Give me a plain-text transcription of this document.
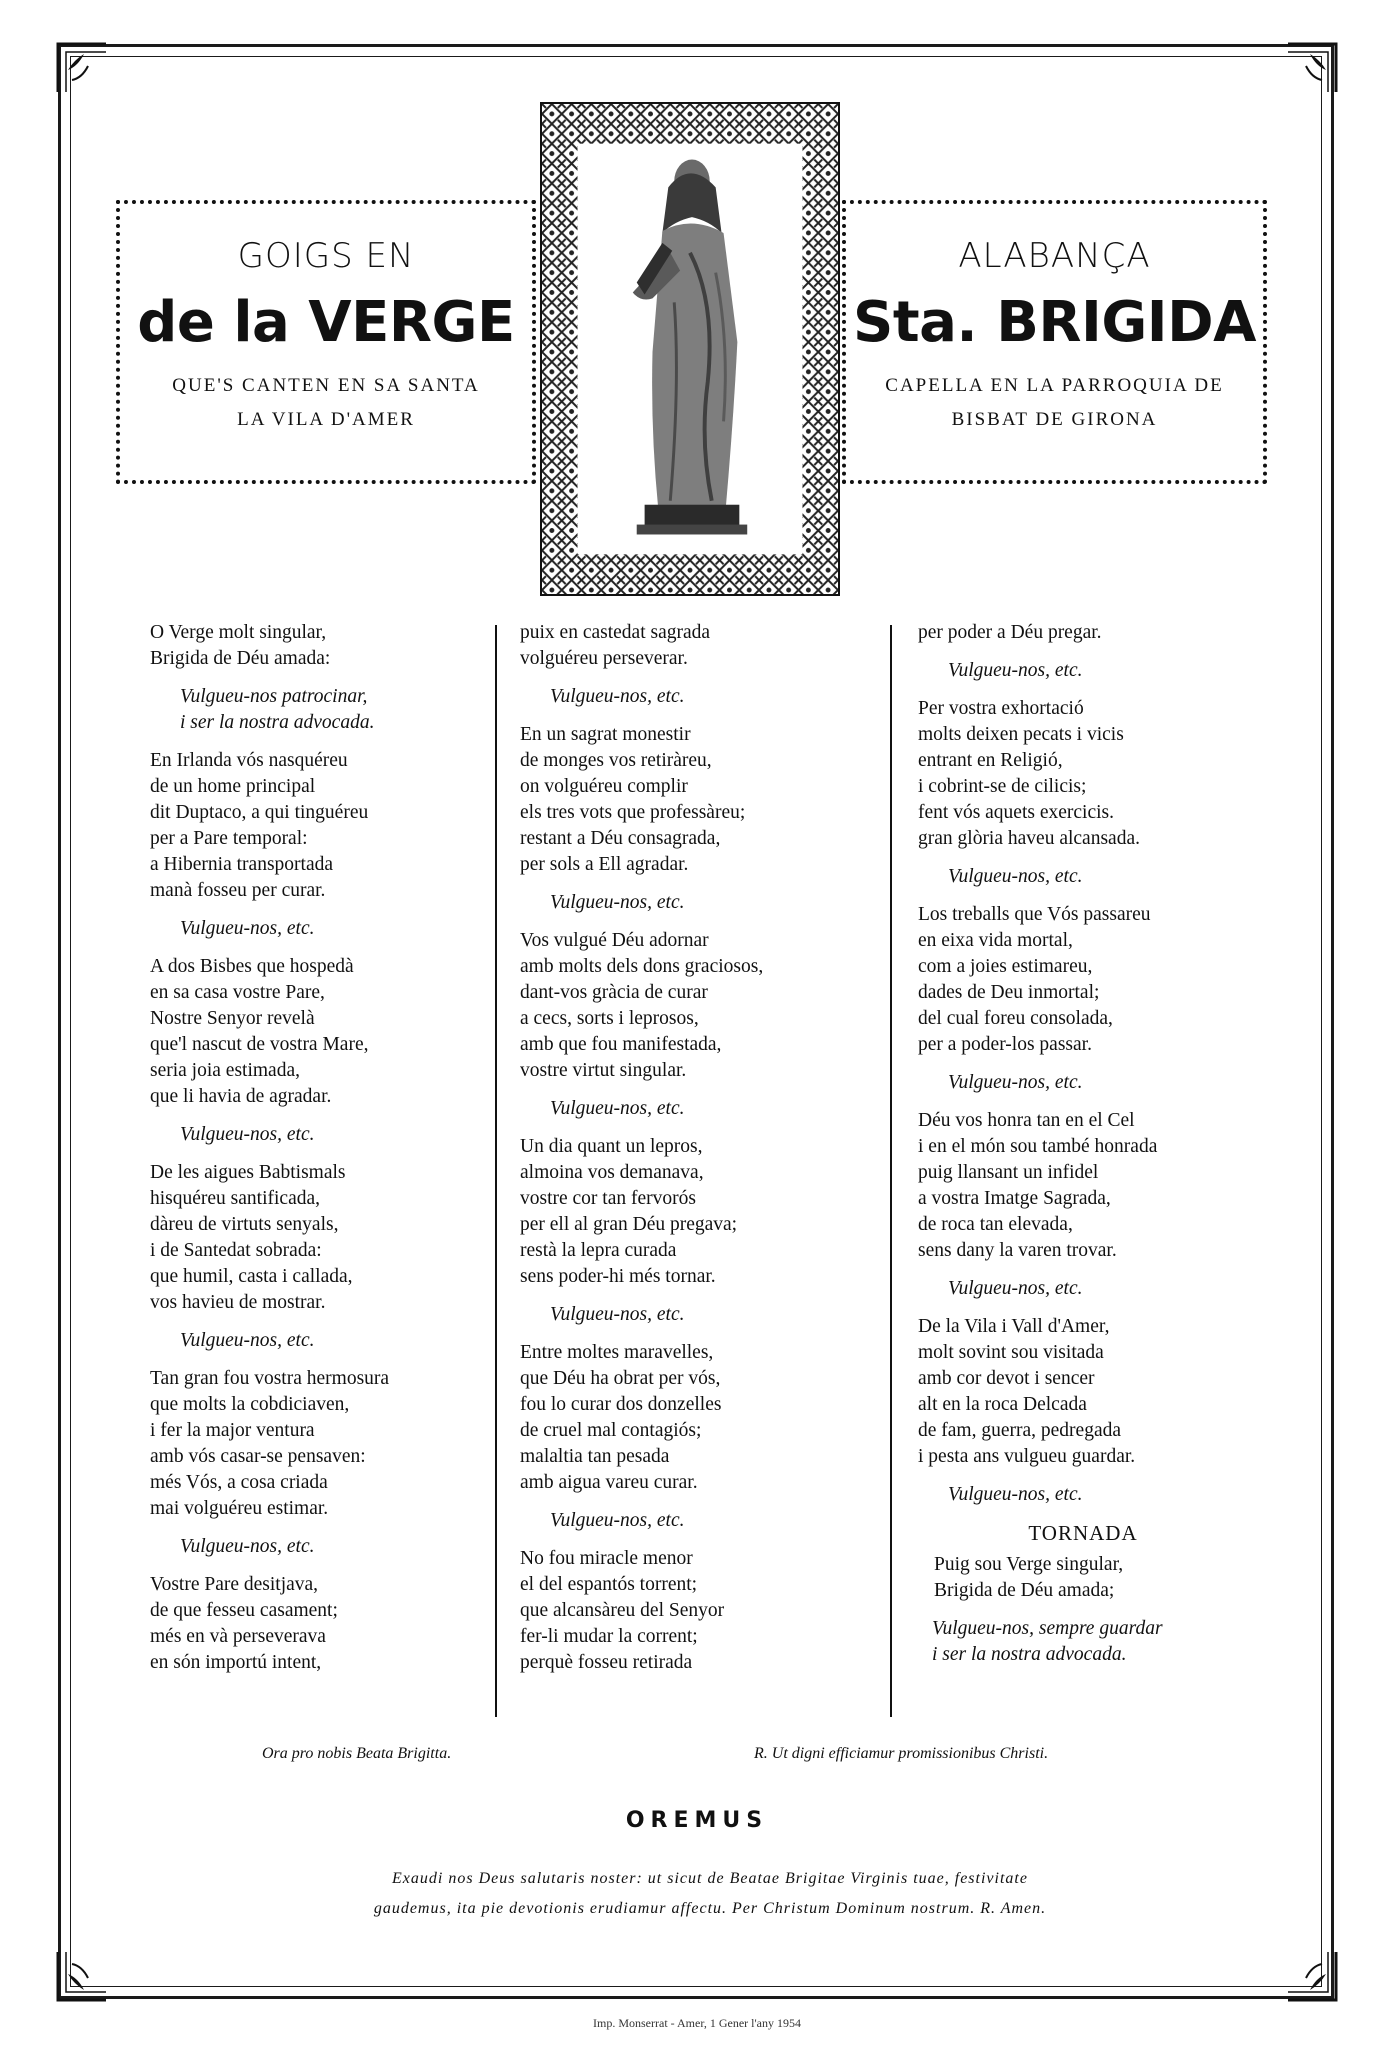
GOIGS EN
de la VERGE
QUE'S CANTEN EN SA SANTA
LA VILA D'AMER
ALABANÇA
Sta. BRIGIDA
CAPELLA EN LA PARROQUIA DE
BISBAT DE GIRONA

O Verge molt singular,

Brigida de Déu amada:

Vulgueu-nos patrocinar,

i ser la nostra advocada.

En Irlanda vós nasquéreu

de un home principal

dit Duptaco, a qui tinguéreu

per a Pare temporal:

a Hibernia transportada

manà fosseu per curar.

Vulgueu-nos, etc.

A dos Bisbes que hospedà

en sa casa vostre Pare,

Nostre Senyor revelà

que'l nascut de vostra Mare,

seria joia estimada,

que li havia de agradar.

Vulgueu-nos, etc.

De les aigues Babtismals

hisquéreu santificada,

dàreu de virtuts senyals,

i de Santedat sobrada:

que humil, casta i callada,

vos havieu de mostrar.

Vulgueu-nos, etc.

Tan gran fou vostra hermosura

que molts la cobdiciaven,

i fer la major ventura

amb vós casar-se pensaven:

més Vós, a cosa criada

mai volguéreu estimar.

Vulgueu-nos, etc.

Vostre Pare desitjava,

de que fesseu casament;

més en và perseverava

en són importú intent,

puix en castedat sagrada

volguéreu perseverar.

Vulgueu-nos, etc.

En un sagrat monestir

de monges vos retiràreu,

on volguéreu complir

els tres vots que professàreu;

restant a Déu consagrada,

per sols a Ell agradar.

Vulgueu-nos, etc.

Vos vulgué Déu adornar

amb molts dels dons graciosos,

dant-vos gràcia de curar

a cecs, sorts i leprosos,

amb que fou manifestada,

vostre virtut singular.

Vulgueu-nos, etc.

Un dia quant un lepros,

almoina vos demanava,

vostre cor tan fervorós

per ell al gran Déu pregava;

restà la lepra curada

sens poder-hi més tornar.

Vulgueu-nos, etc.

Entre moltes maravelles,

que Déu ha obrat per vós,

fou lo curar dos donzelles

de cruel mal contagiós;

malaltia tan pesada

amb aigua vareu curar.

Vulgueu-nos, etc.

No fou miracle menor

el del espantós torrent;

que alcansàreu del Senyor

fer-li mudar la corrent;

perquè fosseu retirada

per poder a Déu pregar.

Vulgueu-nos, etc.

Per vostra exhortació

molts deixen pecats i vicis

entrant en Religió,

i cobrint-se de cilicis;

fent vós aquets exercicis.

gran glòria haveu alcansada.

Vulgueu-nos, etc.

Los treballs que Vós passareu

en eixa vida mortal,

com a joies estimareu,

dades de Deu inmortal;

del cual foreu consolada,

per a poder-los passar.

Vulgueu-nos, etc.

Déu vos honra tan en el Cel

i en el món sou també honrada

puig llansant un infidel

a vostra Imatge Sagrada,

de roca tan elevada,

sens dany la varen trovar.

Vulgueu-nos, etc.

De la Vila i Vall d'Amer,

molt sovint sou visitada

amb cor devot i sencer

alt en la roca Delcada

de fam, guerra, pedregada

i pesta ans vulgueu guardar.

Vulgueu-nos, etc.
TORNADA

Puig sou Verge singular,

Brigida de Déu amada;

Vulgueu-nos, sempre guardar

i ser la nostra advocada.

Ora pro nobis Beata Brigitta.	R. Ut digni efficiamur promissionibus Christi.
OREMUS
Exaudi nos Deus salutaris noster: ut sicut de Beatae Brigitae Virginis tuae, festivitate
gaudemus, ita pie devotionis erudiamur affectu. Per Christum Dominum nostrum. R. Amen.
Imp. Monserrat - Amer, 1 Gener l'any 1954
